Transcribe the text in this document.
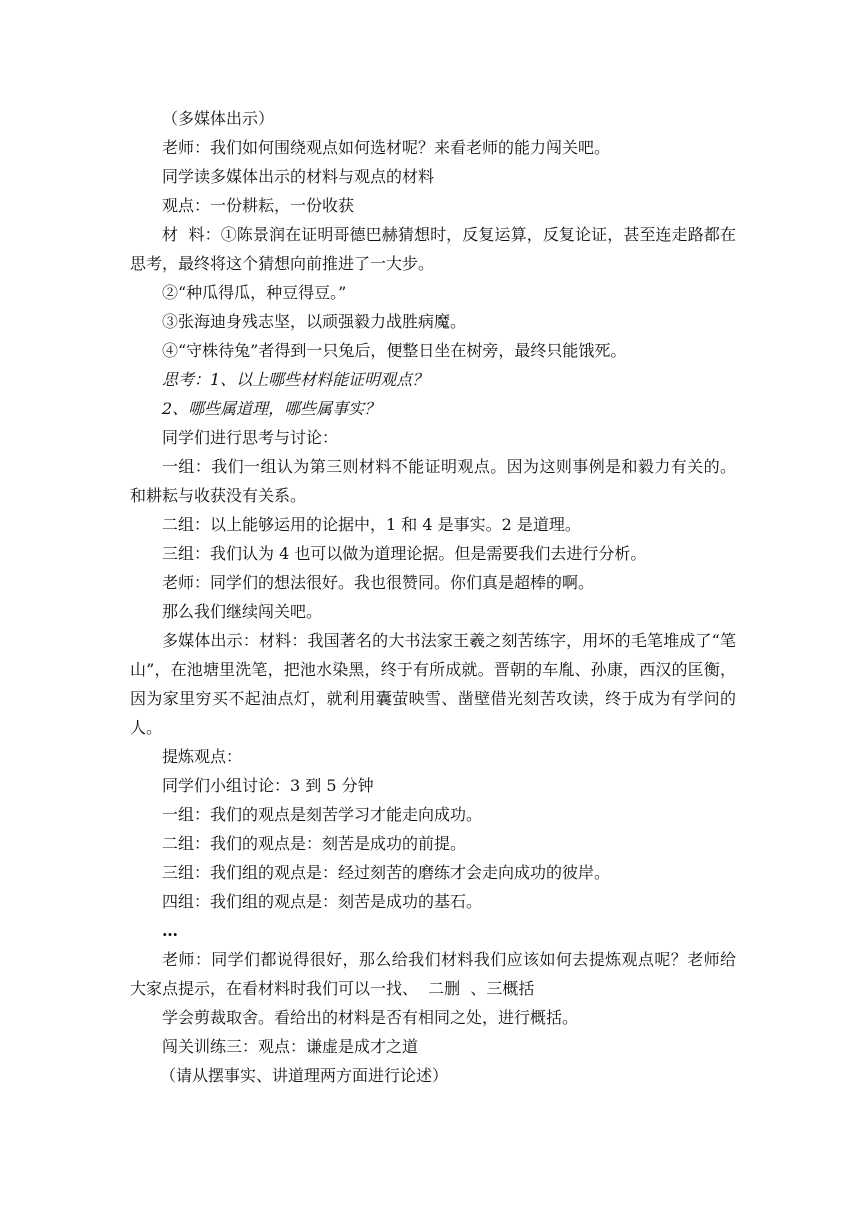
（多媒体出示）
老师：我们如何围绕观点如何选材呢？来看老师的能力闯关吧。
同学读多媒体出示的材料与观点的材料
观点：一份耕耘，一份收获
材  料：①陈景润在证明哥德巴赫猜想时，反复运算，反复论证，甚至连走路都在思考，最终将这个猜想向前推进了一大步。
②“种瓜得瓜，种豆得豆。”
③张海迪身残志坚，以顽强毅力战胜病魔。
④“守株待兔”者得到一只兔后，便整日坐在树旁，最终只能饿死。
思考：1、以上哪些材料能证明观点？
2、哪些属道理，哪些属事实？
同学们进行思考与讨论：
一组：我们一组认为第三则材料不能证明观点。因为这则事例是和毅力有关的。和耕耘与收获没有关系。
二组：以上能够运用的论据中，1 和 4 是事实。2 是道理。
三组：我们认为 4 也可以做为道理论据。但是需要我们去进行分析。
老师：同学们的想法很好。我也很赞同。你们真是超棒的啊。
那么我们继续闯关吧。
多媒体出示：材料：我国著名的大书法家王羲之刻苦练字，用坏的毛笔堆成了“笔山”，在池塘里洗笔，把池水染黑，终于有所成就。晋朝的车胤、孙康，西汉的匡衡，因为家里穷买不起油点灯，就利用囊萤映雪、凿壁借光刻苦攻读，终于成为有学问的人。
提炼观点：
同学们小组讨论：3 到 5 分钟
一组：我们的观点是刻苦学习才能走向成功。
二组：我们的观点是：刻苦是成功的前提。
三组：我们组的观点是：经过刻苦的磨练才会走向成功的彼岸。
四组：我们组的观点是：刻苦是成功的基石。
…
老师：同学们都说得很好，那么给我们材料我们应该如何去提炼观点呢？老师给大家点提示，在看材料时我们可以一找、  二删  、三概括
学会剪裁取舍。看给出的材料是否有相同之处，进行概括。
闯关训练三：观点：谦虚是成才之道
（请从摆事实、讲道理两方面进行论述）
